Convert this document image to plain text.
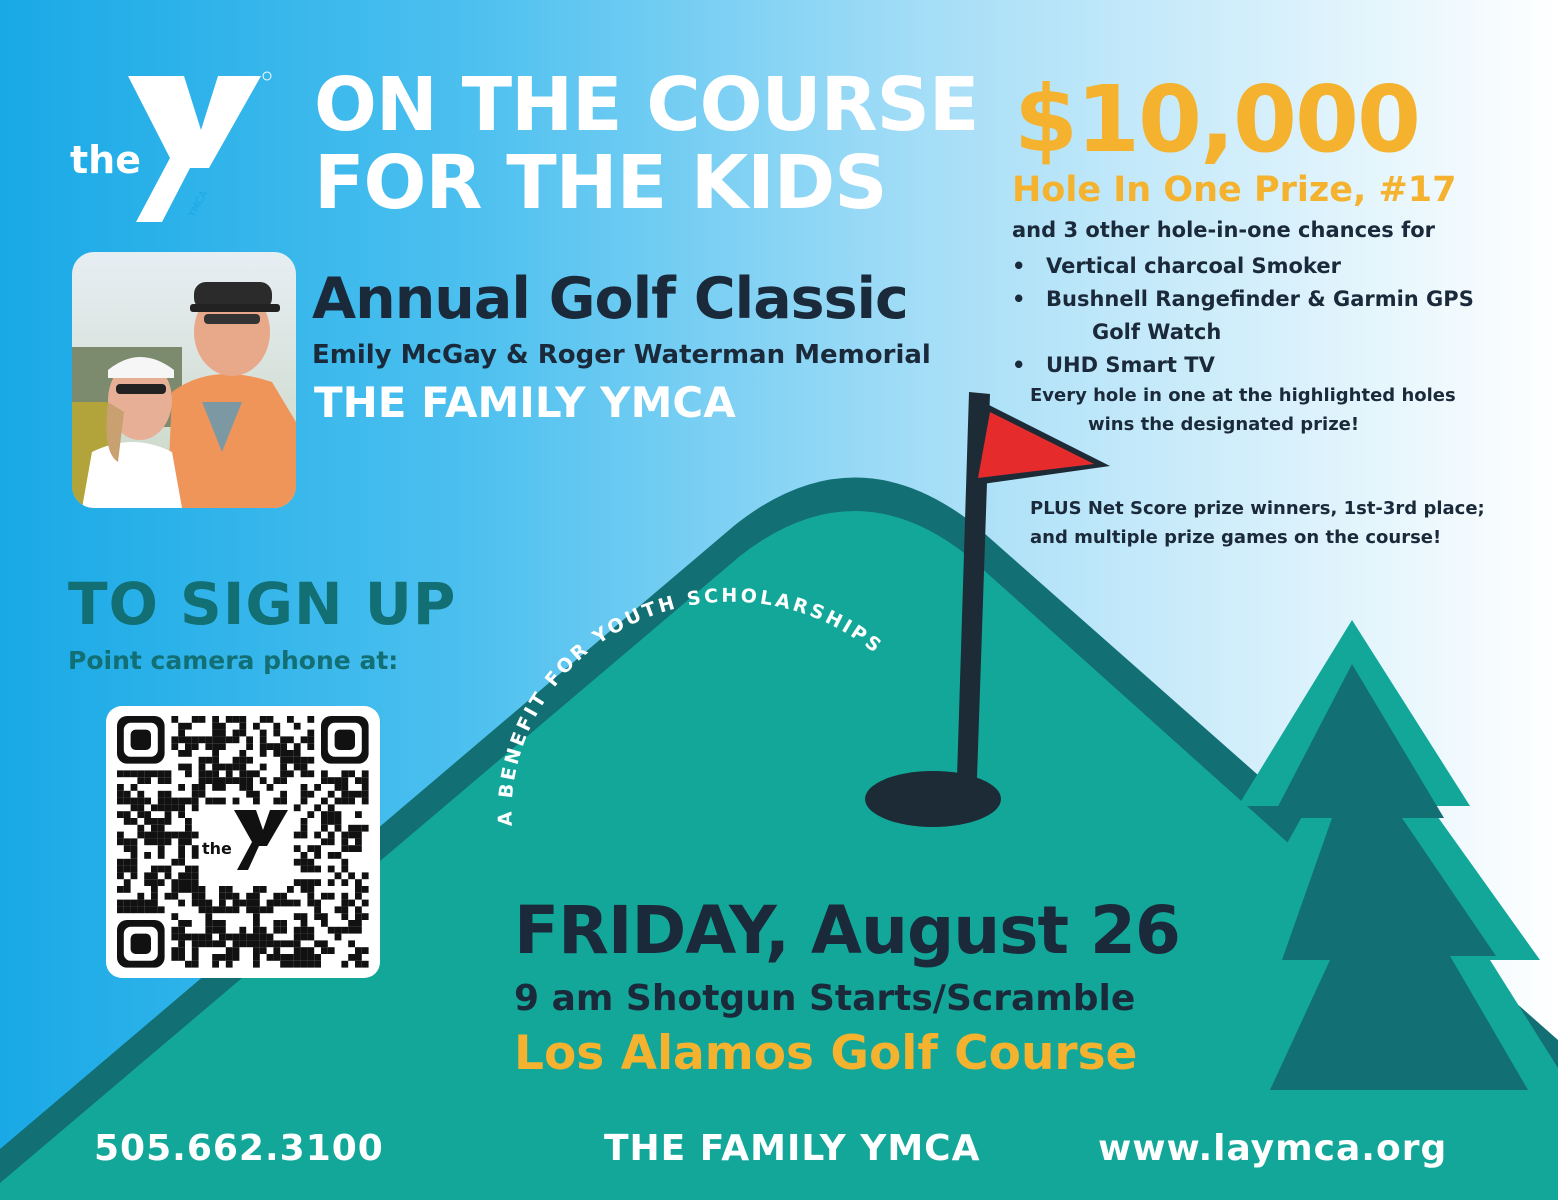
A BENEFIT FOR YOUTH SCHOLARSHIPS
YMCA
the
ON THE COURSE
FOR THE KIDS
Annual Golf Classic
Emily McGay & Roger Waterman Memorial
THE FAMILY YMCA
$10,000
Hole In One Prize, #17
and 3 other hole-in-one chances for
• Vertical charcoal Smoker
• Bushnell Rangefinder & Garmin GPS
Golf Watch
• UHD Smart TV
Every hole in one at the highlighted holes
wins the designated prize!
PLUS Net Score prize winners, 1st-3rd place;
and multiple prize games on the course!
TO SIGN UP
Point camera phone at:
the
FRIDAY, August 26
9 am Shotgun Starts/Scramble
Los Alamos Golf Course
505.662.3100	THE FAMILY YMCA	www.laymca.org
